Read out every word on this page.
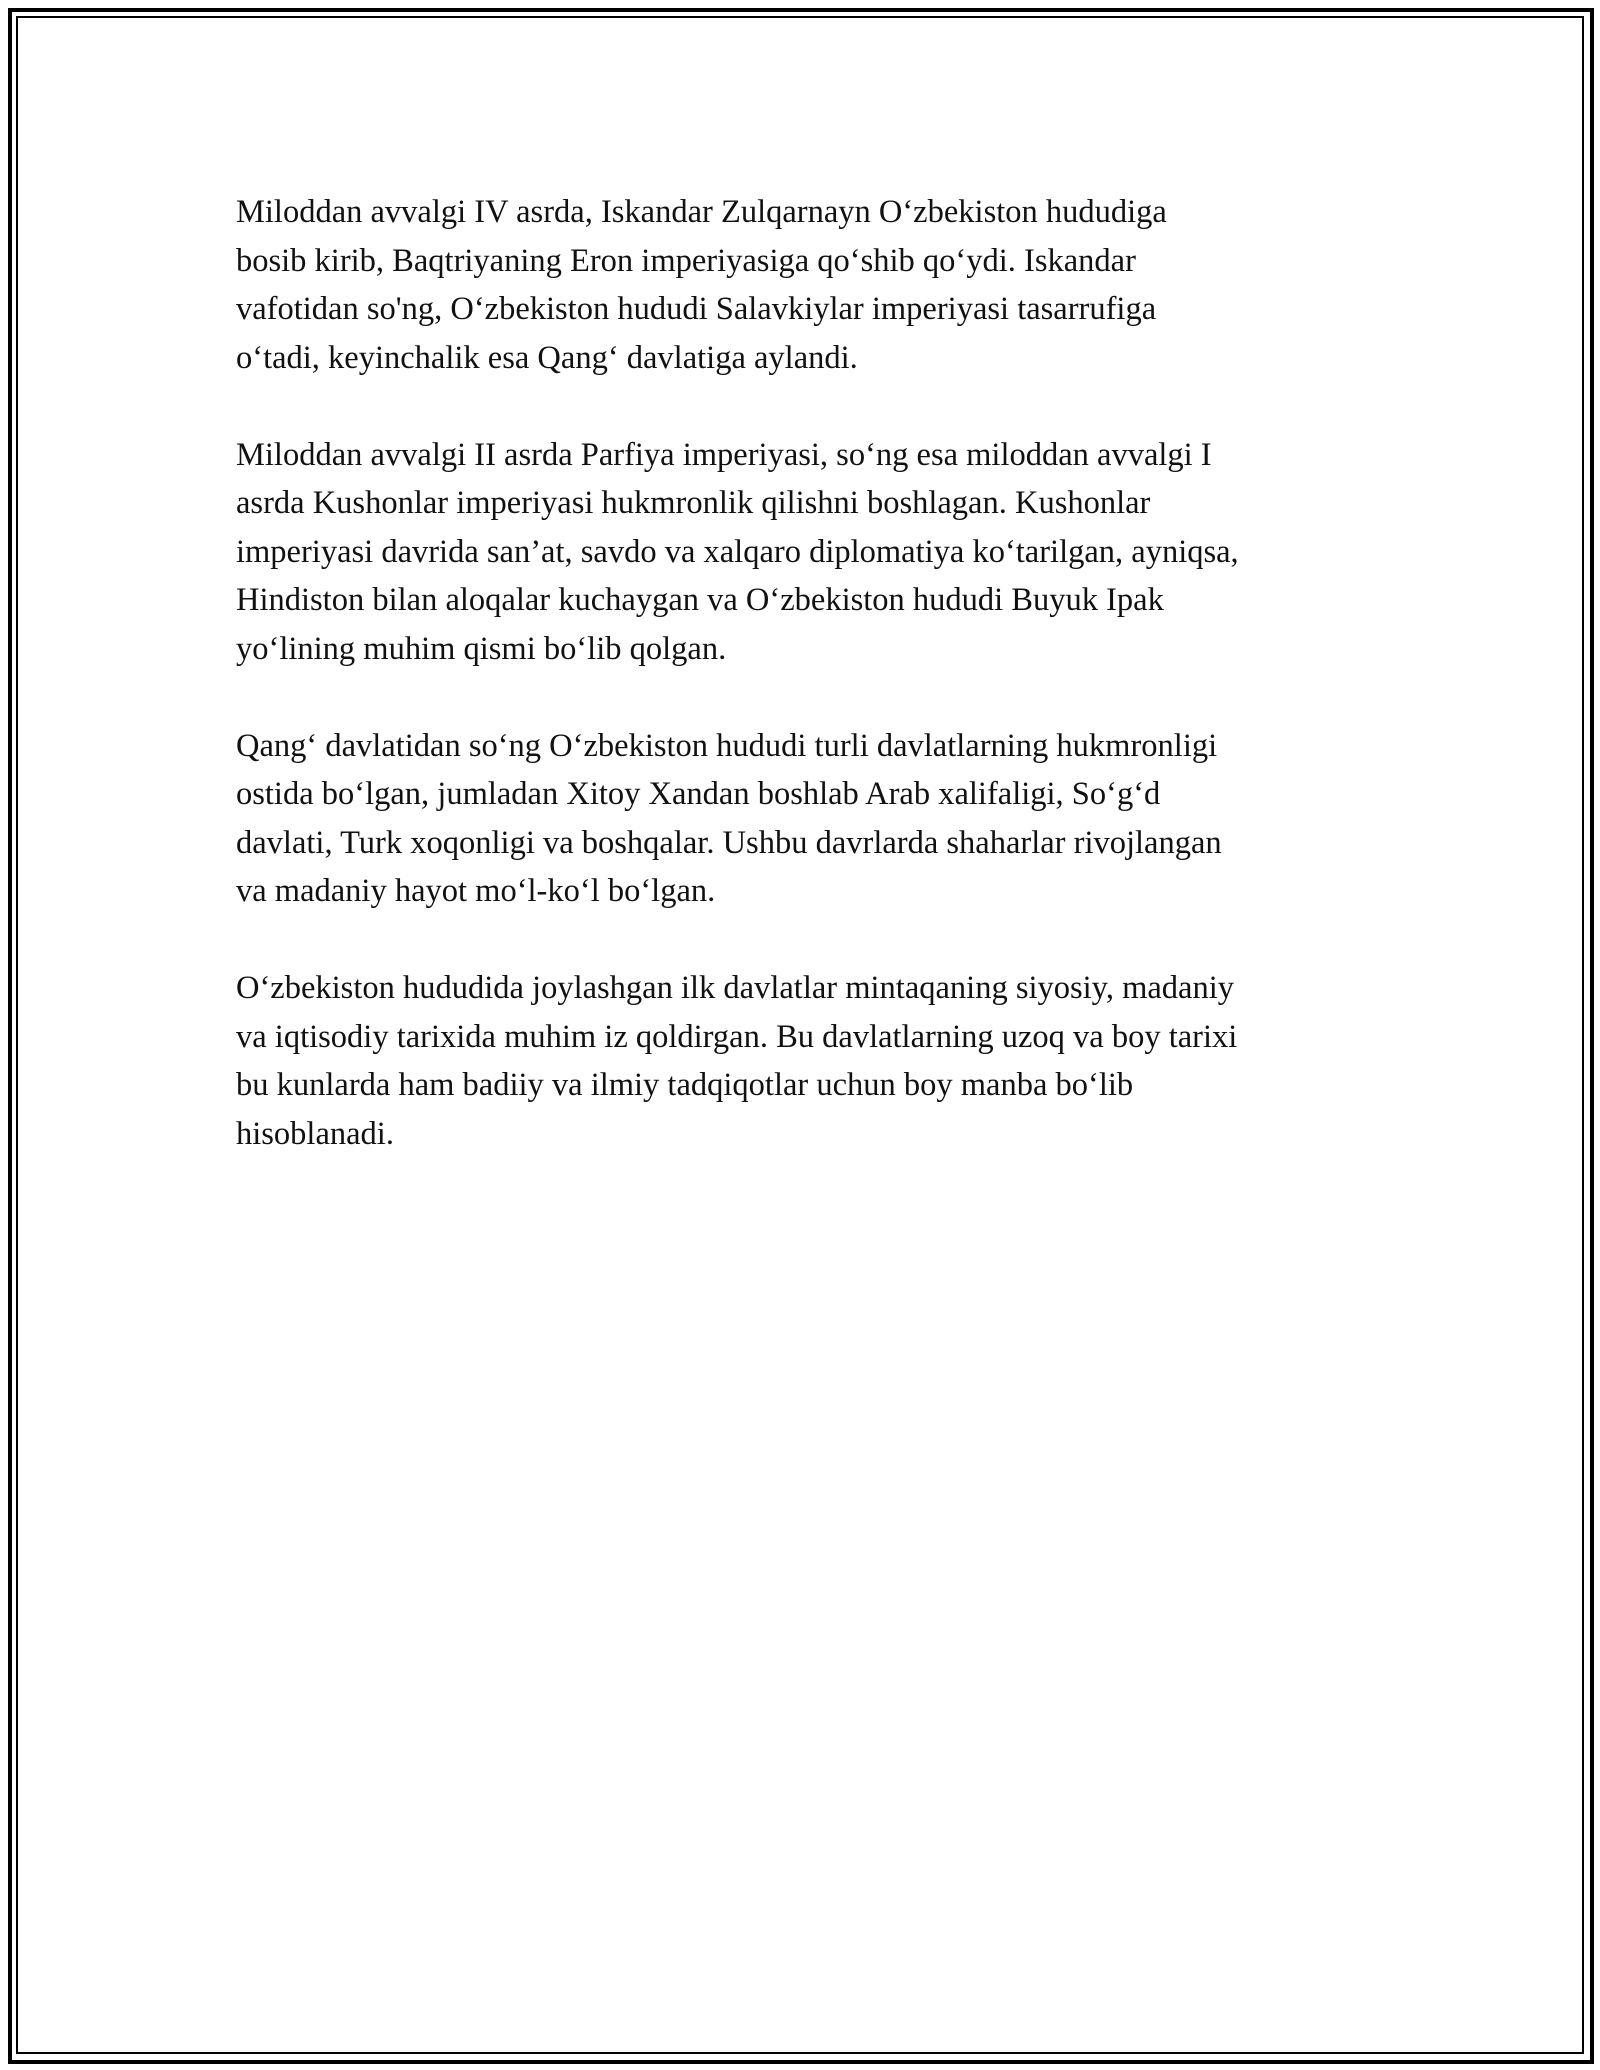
Miloddan avvalgi IV asrda, Iskandar Zulqarnayn O‘zbekiston hududiga
bosib kirib, Baqtriyaning Eron imperiyasiga qo‘shib qo‘ydi. Iskandar
vafotidan so'ng, O‘zbekiston hududi Salavkiylar imperiyasi tasarrufiga
o‘tadi, keyinchalik esa Qang‘ davlatiga aylandi.

Miloddan avvalgi II asrda Parfiya imperiyasi, so‘ng esa miloddan avvalgi I
asrda Kushonlar imperiyasi hukmronlik qilishni boshlagan. Kushonlar
imperiyasi davrida san’at, savdo va xalqaro diplomatiya ko‘tarilgan, ayniqsa,
Hindiston bilan aloqalar kuchaygan va O‘zbekiston hududi Buyuk Ipak
yo‘lining muhim qismi bo‘lib qolgan.

Qang‘ davlatidan so‘ng O‘zbekiston hududi turli davlatlarning hukmronligi
ostida bo‘lgan, jumladan Xitoy Xandan boshlab Arab xalifaligi, So‘g‘d
davlati, Turk xoqonligi va boshqalar. Ushbu davrlarda shaharlar rivojlangan
va madaniy hayot mo‘l-ko‘l bo‘lgan.

O‘zbekiston hududida joylashgan ilk davlatlar mintaqaning siyosiy, madaniy
va iqtisodiy tarixida muhim iz qoldirgan. Bu davlatlarning uzoq va boy tarixi
bu kunlarda ham badiiy va ilmiy tadqiqotlar uchun boy manba bo‘lib
hisoblanadi.
